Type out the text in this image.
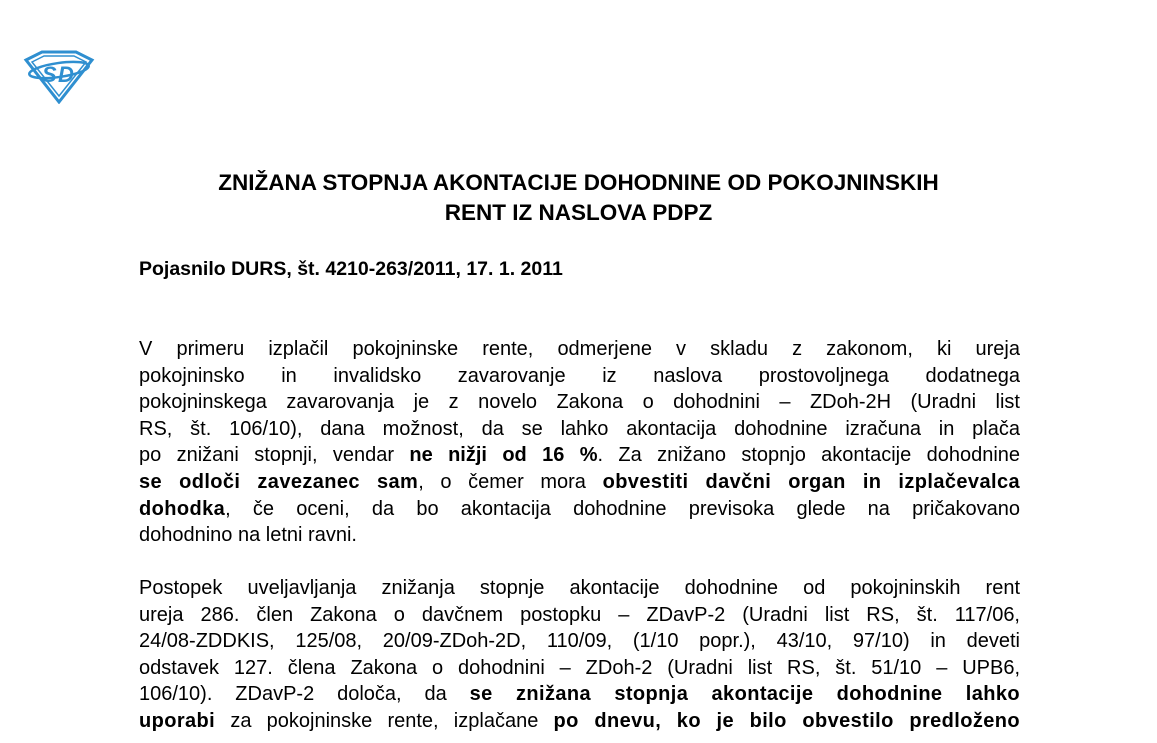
S D
ZNIŽANA STOPNJA AKONTACIJE DOHODNINE OD POKOJNINSKIH
RENT IZ NASLOVA PDPZ

Pojasnilo DURS, št. 4210-263/2011, 17. 1. 2011

V primeru izplačil pokojninske rente, odmerjene v skladu z zakonom, ki ureja
pokojninsko in invalidsko zavarovanje iz naslova prostovoljnega dodatnega
pokojninskega zavarovanja je z novelo Zakona o dohodnini – ZDoh-2H (Uradni list
RS, št. 106/10), dana možnost, da se lahko akontacija dohodnine izračuna in plača
po znižani stopnji, vendar ne nižji od 16 %. Za znižano stopnjo akontacije dohodnine
se odloči zavezanec sam, o čemer mora obvestiti davčni organ in izplačevalca
dohodka, če oceni, da bo akontacija dohodnine previsoka glede na pričakovano
dohodnino na letni ravni.
Postopek uveljavljanja znižanja stopnje akontacije dohodnine od pokojninskih rent
ureja 286. člen Zakona o davčnem postopku – ZDavP-2 (Uradni list RS, št. 117/06,
24/08-ZDDKIS, 125/08, 20/09-ZDoh-2D, 110/09, (1/10 popr.), 43/10, 97/10) in deveti
odstavek 127. člena Zakona o dohodnini – ZDoh-2 (Uradni list RS, št. 51/10 – UPB6,
106/10). ZDavP-2 določa, da se znižana stopnja akontacije dohodnine lahko
uporabi za pokojninske rente, izplačane po dnevu, ko je bilo obvestilo predloženo
